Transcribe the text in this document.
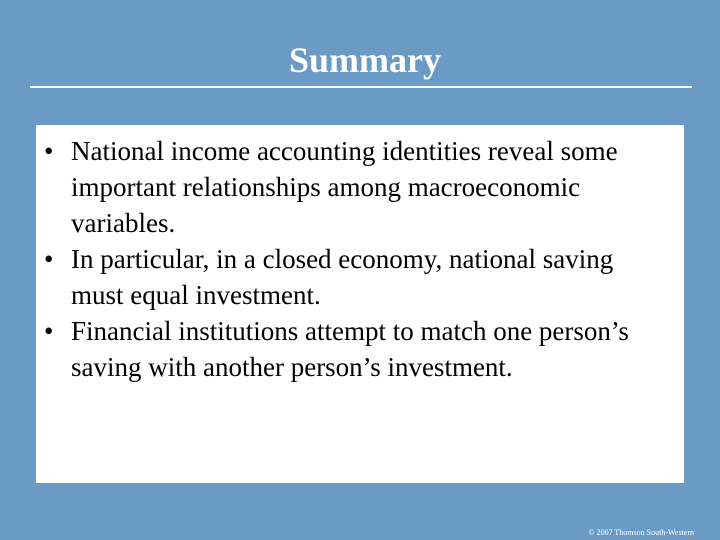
Summary
• National income accounting identities reveal some important relationships among macroeconomic variables.
• In particular, in a closed economy, national saving must equal investment.
• Financial institutions attempt to match one person’s saving with another person’s investment.
© 2007 Thomson South-Western
